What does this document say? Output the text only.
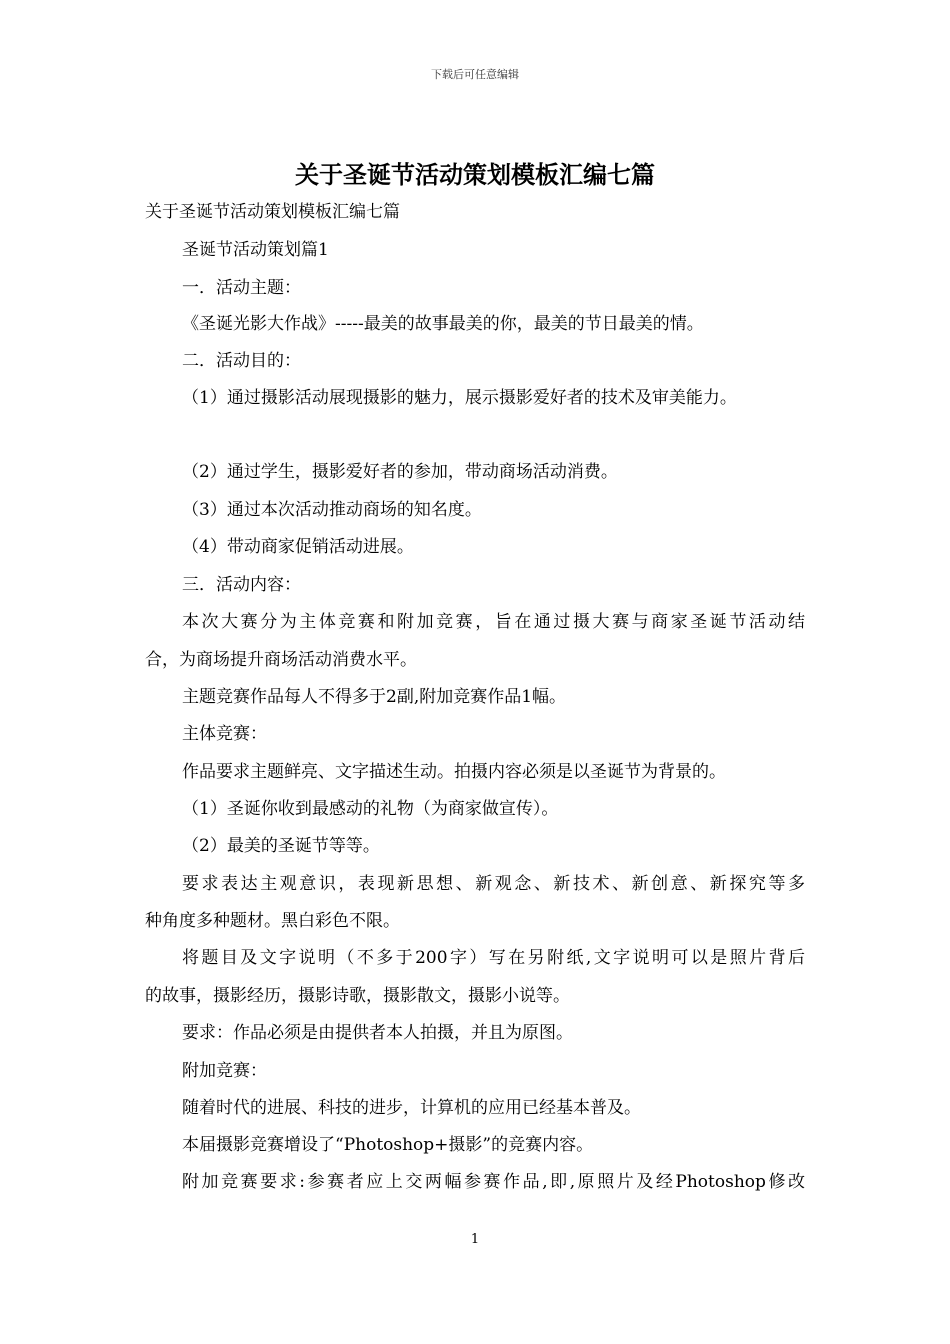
下载后可任意编辑
关于圣诞节活动策划模板汇编七篇
关于圣诞节活动策划模板汇编七篇
圣诞节活动策划篇1
一．活动主题：
《圣诞光影大作战》-----最美的故事最美的你，最美的节日最美的情。
二．活动目的：
（1）通过摄影活动展现摄影的魅力，展示摄影爱好者的技术及审美能力。
（2）通过学生，摄影爱好者的参加，带动商场活动消费。
（3）通过本次活动推动商场的知名度。
（4）带动商家促销活动进展。
三．活动内容：
本次大赛分为主体竞赛和附加竞赛，旨在通过摄大赛与商家圣诞节活动结
合，为商场提升商场活动消费水平。
主题竞赛作品每人不得多于2副,附加竞赛作品1幅。
主体竞赛：
作品要求主题鲜亮、文字描述生动。拍摄内容必须是以圣诞节为背景的。
（1）圣诞你收到最感动的礼物（为商家做宣传）。
（2）最美的圣诞节等等。
要求表达主观意识，表现新思想、新观念、新技术、新创意、新探究等多
种角度多种题材。黑白彩色不限。
将题目及文字说明（不多于200字）写在另附纸,文字说明可以是照片背后
的故事，摄影经历，摄影诗歌，摄影散文，摄影小说等。
要求：作品必须是由提供者本人拍摄，并且为原图。
附加竞赛：
随着时代的进展、科技的进步，计算机的应用已经基本普及。
本届摄影竞赛增设了“Photoshop+摄影”的竞赛内容。
附加竞赛要求:参赛者应上交两幅参赛作品,即,原照片及经Photoshop修改
1
